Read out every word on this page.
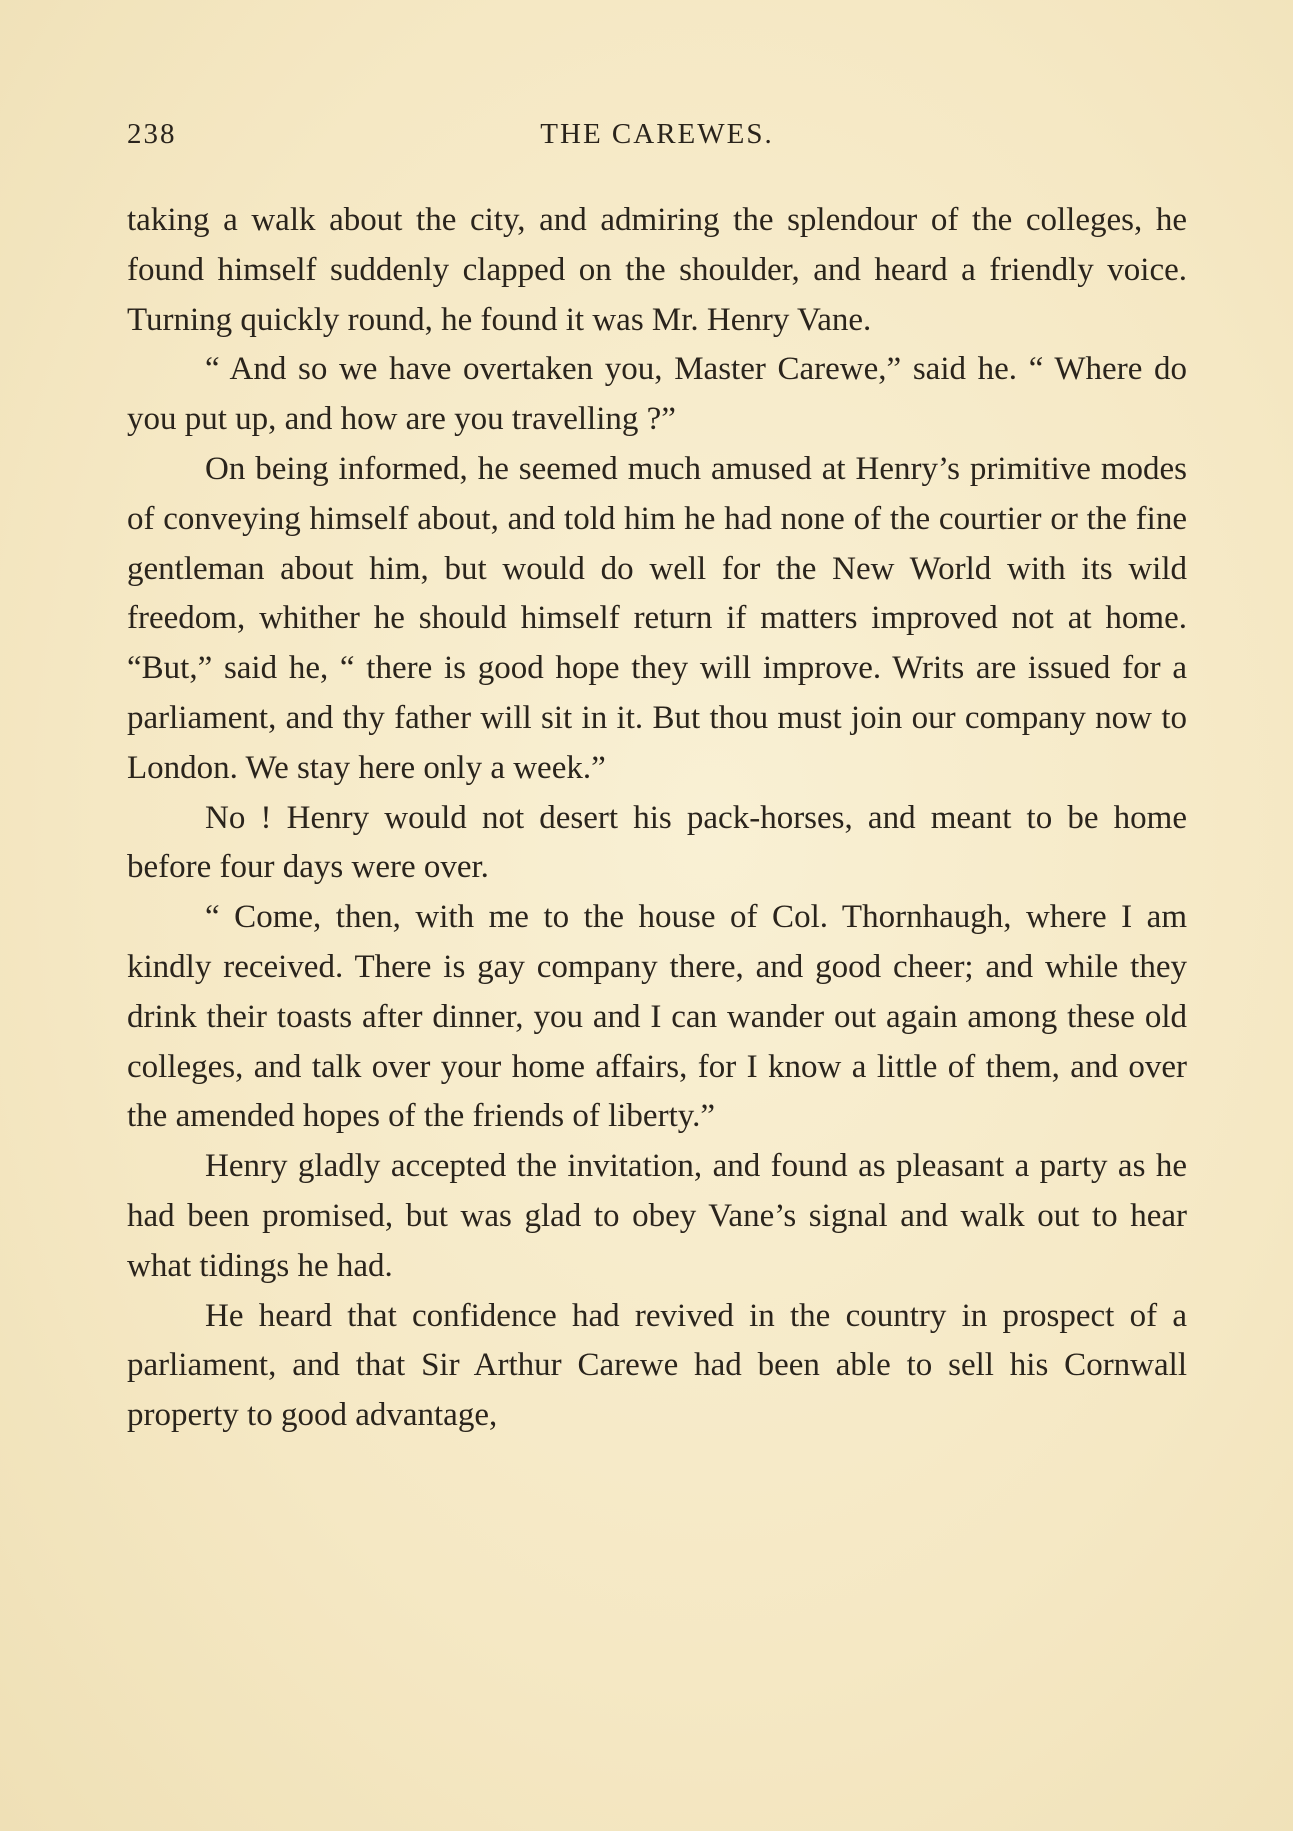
238	THE CAREWES.

taking a walk about the city, and admiring the splendour of the colleges, he found himself suddenly clapped on the shoulder, and heard a friendly voice. Turning quickly round, he found it was Mr. Henry Vane.

“ And so we have overtaken you, Master Carewe,” said he. “ Where do you put up, and how are you travelling ?”

On being informed, he seemed much amused at Henry’s primitive modes of conveying himself about, and told him he had none of the courtier or the fine gentleman about him, but would do well for the New World with its wild freedom, whither he should himself return if matters improved not at home. “But,” said he, “ there is good hope they will improve. Writs are issued for a parliament, and thy father will sit in it. But thou must join our company now to London. We stay here only a week.”

No ! Henry would not desert his pack-horses, and meant to be home before four days were over.

“ Come, then, with me to the house of Col. Thornhaugh, where I am kindly received. There is gay company there, and good cheer; and while they drink their toasts after dinner, you and I can wander out again among these old colleges, and talk over your home affairs, for I know a little of them, and over the amended hopes of the friends of liberty.”

Henry gladly accepted the invitation, and found as pleasant a party as he had been promised, but was glad to obey Vane’s signal and walk out to hear what tidings he had.

He heard that confidence had revived in the country in prospect of a parliament, and that Sir Arthur Carewe had been able to sell his Cornwall property to good advantage,
